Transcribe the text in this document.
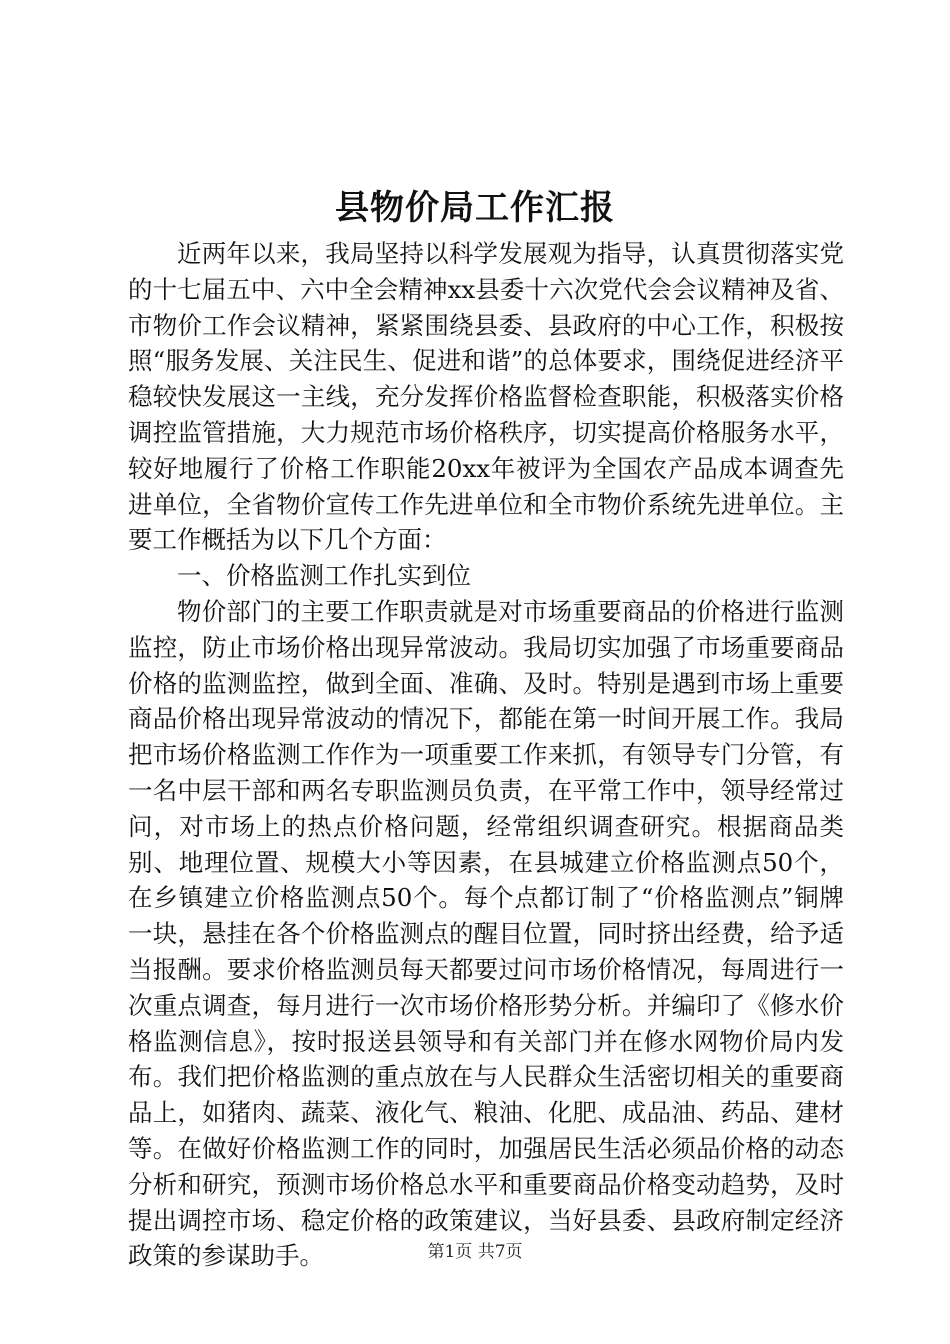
县物价局工作汇报

近两年以来，我局坚持以科学发展观为指导，认真贯彻落实党的十七届五中、六中全会精神xx县委十六次党代会会议精神及省、市物价工作会议精神，紧紧围绕县委、县政府的中心工作，积极按照“服务发展、关注民生、促进和谐”的总体要求，围绕促进经济平稳较快发展这一主线，充分发挥价格监督检查职能，积极落实价格调控监管措施，大力规范市场价格秩序，切实提高价格服务水平，较好地履行了价格工作职能20xx年被评为全国农产品成本调查先进单位，全省物价宣传工作先进单位和全市物价系统先进单位。主要工作概括为以下几个方面：

一、价格监测工作扎实到位

物价部门的主要工作职责就是对市场重要商品的价格进行监测监控，防止市场价格出现异常波动。我局切实加强了市场重要商品价格的监测监控，做到全面、准确、及时。特别是遇到市场上重要商品价格出现异常波动的情况下，都能在第一时间开展工作。我局把市场价格监测工作作为一项重要工作来抓，有领导专门分管，有一名中层干部和两名专职监测员负责，在平常工作中，领导经常过问，对市场上的热点价格问题，经常组织调查研究。根据商品类别、地理位置、规模大小等因素，在县城建立价格监测点50个，在乡镇建立价格监测点50个。每个点都订制了“价格监测点”铜牌一块，悬挂在各个价格监测点的醒目位置，同时挤出经费，给予适当报酬。要求价格监测员每天都要过问市场价格情况，每周进行一次重点调查，每月进行一次市场价格形势分析。并编印了《修水价格监测信息》，按时报送县领导和有关部门并在修水网物价局内发布。我们把价格监测的重点放在与人民群众生活密切相关的重要商品上，如猪肉、蔬菜、液化气、粮油、化肥、成品油、药品、建材等。在做好价格监测工作的同时，加强居民生活必须品价格的动态分析和研究，预测市场价格总水平和重要商品价格变动趋势，及时提出调控市场、稳定价格的政策建议，当好县委、县政府制定经济政策的参谋助手。	第1页 共7页
